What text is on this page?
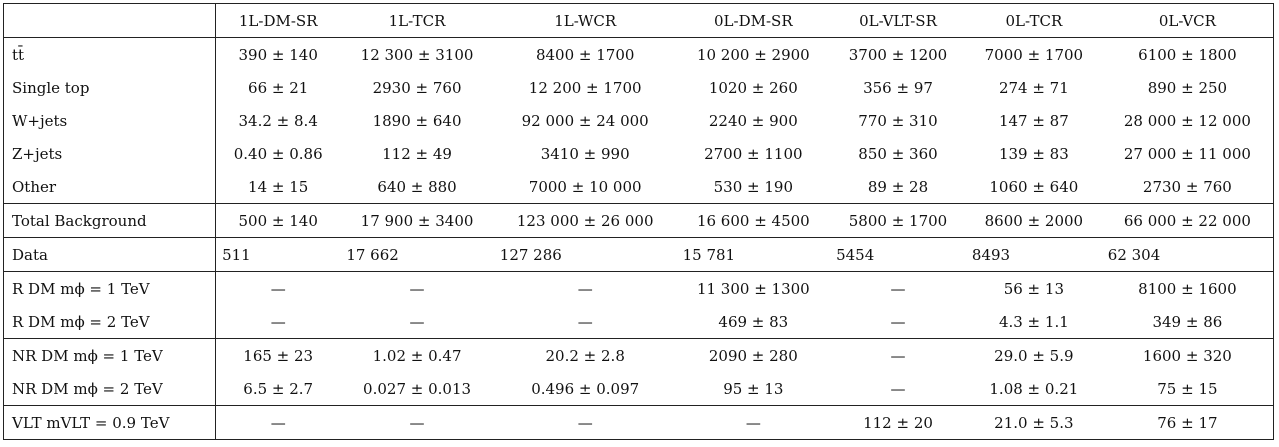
	1L-DM-SR	1L-TCR	1L-WCR	0L-DM-SR	0L-VLT-SR	0L-TCR	0L-VCR
tt̄	390 ± 140	12 300 ± 3100	8400 ± 1700	10 200 ± 2900	3700 ± 1200	7000 ± 1700	6100 ± 1800
Single top	66 ± 21	2930 ± 760	12 200 ± 1700	1020 ± 260	356 ± 97	274 ± 71	890 ± 250
W+jets	34.2 ± 8.4	1890 ± 640	92 000 ± 24 000	2240 ± 900	770 ± 310	147 ± 87	28 000 ± 12 000
Z+jets	0.40 ± 0.86	112 ± 49	3410 ± 990	2700 ± 1100	850 ± 360	139 ± 83	27 000 ± 11 000
Other	14 ± 15	640 ± 880	7000 ± 10 000	530 ± 190	89 ± 28	1060 ± 640	2730 ± 760
Total Background	500 ± 140	17 900 ± 3400	123 000 ± 26 000	16 600 ± 4500	5800 ± 1700	8600 ± 2000	66 000 ± 22 000
Data	511	17 662	127 286	15 781	5454	8493	62 304
R DM mϕ = 1 TeV	—	—	—	11 300 ± 1300	—	56 ± 13	8100 ± 1600
R DM mϕ = 2 TeV	—	—	—	469 ± 83	—	4.3 ± 1.1	349 ± 86
NR DM mϕ = 1 TeV	165 ± 23	1.02 ± 0.47	20.2 ± 2.8	2090 ± 280	—	29.0 ± 5.9	1600 ± 320
NR DM mϕ = 2 TeV	6.5 ± 2.7	0.027 ± 0.013	0.496 ± 0.097	95 ± 13	—	1.08 ± 0.21	75 ± 15
VLT mVLT = 0.9 TeV	—	—	—	—	112 ± 20	21.0 ± 5.3	76 ± 17
